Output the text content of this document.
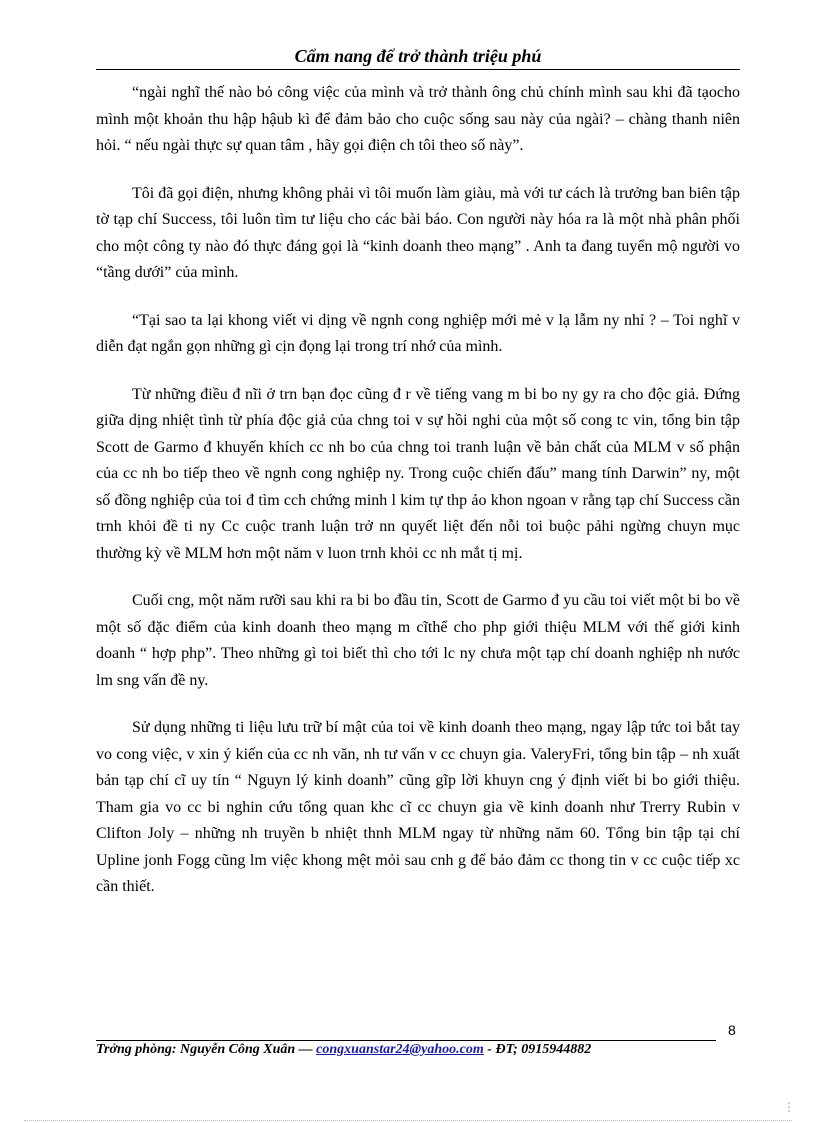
Cẩm nang để trở thành triệu phú

“ngài nghĩ thế nào bỏ công việc của mình và trở thành ông chủ chính mình sau khi đã tạocho mình một khoản thu hập hậub kì để đảm bảo cho cuộc sống sau này của ngài? – chàng thanh niên hỏi. “ nếu ngài thực sự quan tâm , hãy gọi điện ch tôi theo số này”.

Tôi đã gọi điện, nhưng không phải vì tôi muốn làm giàu, mà với tư cách là trưởng ban biên tập tờ tạp chí Success, tôi luôn tìm tư liệu cho các bài báo. Con người này hóa ra là một nhà phân phối cho một công ty nào đó thực đáng gọi là “kinh doanh theo mạng” . Anh ta đang tuyển mộ người vo “tầng dưới” của mình.

“Tại sao ta lại khong viết vi dịng về ngnh cong nghiệp mới mẻ v lạ lẫm ny nhỉ ? – Toi nghĩ v diễn đạt ngắn gọn những gì cịn đọng lại trong trí nhớ của mình.

Từ những điều đ nĩi ở trn bạn đọc cũng đ r về tiếng vang m bi bo ny gy ra cho độc giả. Đứng giữa dịng nhiệt tình từ phía độc giả của chng toi v sự hồi nghi của một số cong tc vin, tổng bin tập Scott de Garmo đ khuyến khích cc nh bo của chng toi tranh luận về bản chất của MLM v số phận của cc nh bo tiếp theo về ngnh cong nghiệp ny. Trong cuộc chiến đấu” mang tính Darwin” ny, một số đồng nghiệp của toi đ tìm cch chứng minh l kim tự thp ảo khon ngoan v rằng tạp chí Success cần trnh khỏi đề ti ny Cc cuộc tranh luận trở nn quyết liệt đến nỗi toi buộc pảhi ngừng chuyn mục thường kỳ về MLM hơn một năm v luon trnh khỏi cc nh mắt tị mị.

Cuối cng, một năm rưỡi sau khi ra bi bo đầu tin, Scott de Garmo đ yu cầu toi viết một bi bo về một số đặc điểm của kinh doanh theo mạng m cĩthể cho php giới thiệu MLM với thế giới kinh doanh “ hợp php”. Theo những gì toi biết thì cho tới lc ny chưa một tạp chí doanh nghiệp nh nước lm sng vấn đề ny.

Sử dụng những ti liệu lưu trữ bí mật của toi về kinh doanh theo mạng, ngay lập tức toi bắt tay vo cong việc, v xin ý kiến của cc nh văn, nh tư vấn v cc chuyn gia. ValeryFri, tổng bin tập – nh xuất bản tạp chí cĩ uy tín “ Nguyn lý kinh doanh” cũng gĩp lời khuyn cng ý định viết bi bo giới thiệu. Tham gia vo cc bi nghin cứu tổng quan khc cĩ cc chuyn gia về kinh doanh như Trerry Rubin v Clifton Joly – những nh truyền b nhiệt thnh MLM ngay từ những năm 60. Tổng bin tập tại chí Upline jonh Fogg cũng lm việc khong mệt mỏi sau cnh g để bảo đảm cc thong tin v cc cuộc tiếp xc cần thiết.

8
Trởng phòng: Nguyễn Công Xuân — congxuanstar24@yahoo.com - ĐT; 0915944882
⋮
